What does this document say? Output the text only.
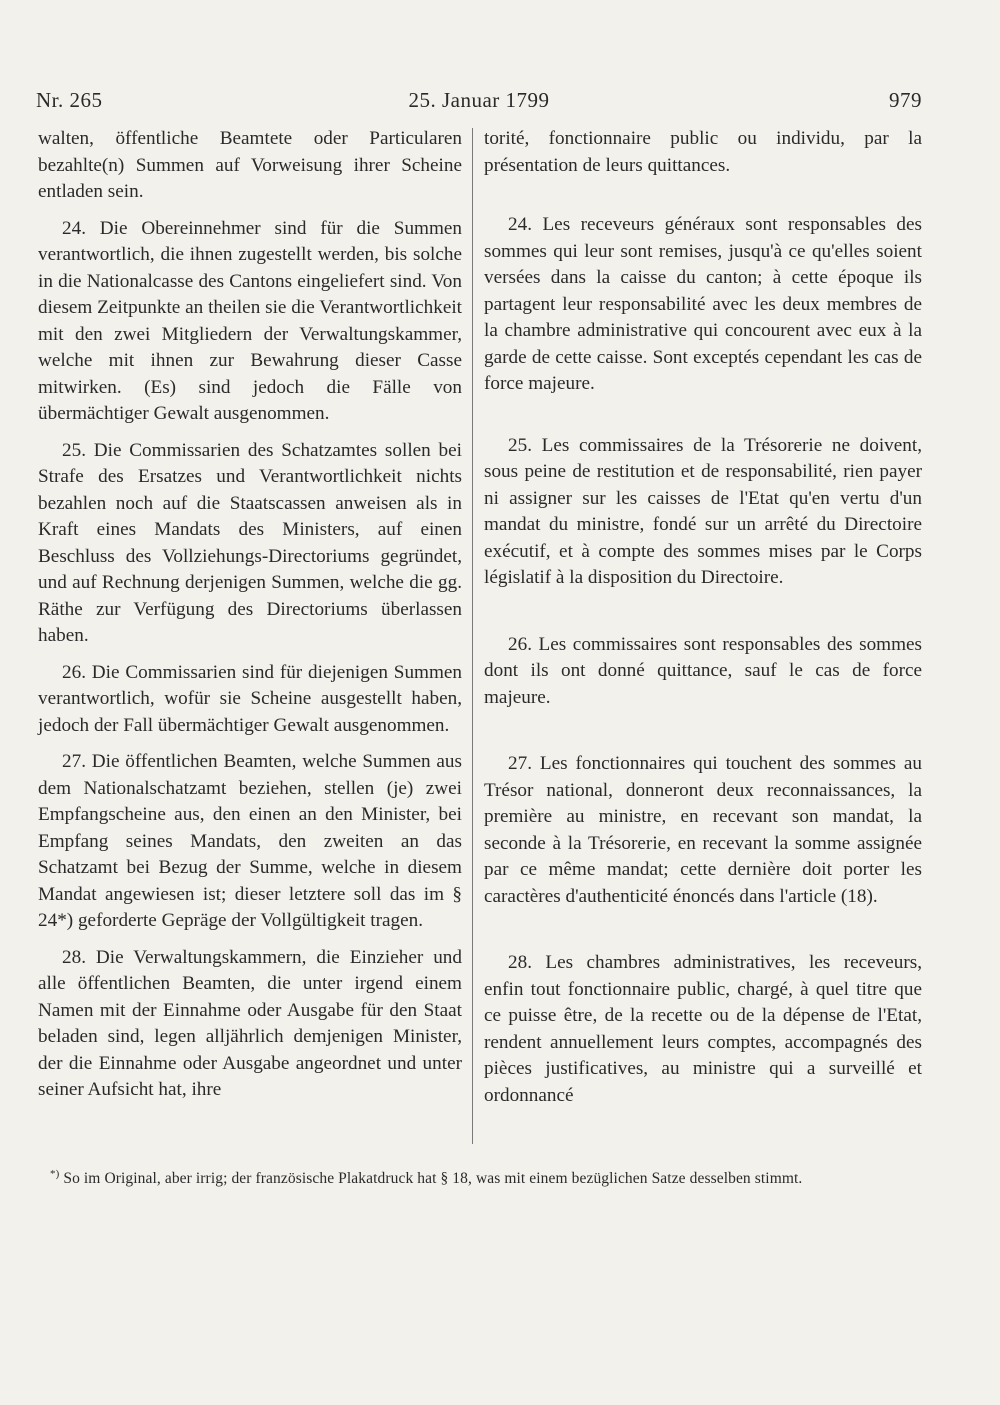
Nr. 265	25. Januar 1799	979

walten, öffentliche Beamtete oder Particularen bezahlte(n) Summen auf Vorweisung ihrer Scheine entladen sein.

24. Die Obereinnehmer sind für die Summen verantwortlich, die ihnen zugestellt werden, bis solche in die Nationalcasse des Cantons eingeliefert sind. Von diesem Zeitpunkte an theilen sie die Verantwortlichkeit mit den zwei Mitgliedern der Verwaltungskammer, welche mit ihnen zur Bewahrung dieser Casse mitwirken. (Es) sind jedoch die Fälle von übermächtiger Gewalt ausgenommen.

25. Die Commissarien des Schatzamtes sollen bei Strafe des Ersatzes und Verantwortlichkeit nichts bezahlen noch auf die Staatscassen anweisen als in Kraft eines Mandats des Ministers, auf einen Beschluss des Vollziehungs-Directoriums gegründet, und auf Rechnung derjenigen Summen, welche die gg. Räthe zur Verfügung des Directoriums überlassen haben.

26. Die Commissarien sind für diejenigen Summen verantwortlich, wofür sie Scheine ausgestellt haben, jedoch der Fall übermächtiger Gewalt ausgenommen.

27. Die öffentlichen Beamten, welche Summen aus dem Nationalschatzamt beziehen, stellen (je) zwei Empfangscheine aus, den einen an den Minister, bei Empfang seines Mandats, den zweiten an das Schatzamt bei Bezug der Summe, welche in diesem Mandat angewiesen ist; dieser letztere soll das im § 24*) geforderte Gepräge der Vollgültigkeit tragen.

28. Die Verwaltungskammern, die Einzieher und alle öffentlichen Beamten, die unter irgend einem Namen mit der Einnahme oder Ausgabe für den Staat beladen sind, legen alljährlich demjenigen Minister, der die Einnahme oder Ausgabe angeordnet und unter seiner Aufsicht hat, ihre

torité, fonctionnaire public ou individu, par la présentation de leurs quittances.

24. Les receveurs généraux sont responsables des sommes qui leur sont remises, jusqu'à ce qu'elles soient versées dans la caisse du canton; à cette époque ils partagent leur responsabilité avec les deux membres de la chambre administrative qui concourent avec eux à la garde de cette caisse. Sont exceptés cependant les cas de force majeure.

25. Les commissaires de la Trésorerie ne doivent, sous peine de restitution et de responsabilité, rien payer ni assigner sur les caisses de l'Etat qu'en vertu d'un mandat du ministre, fondé sur un arrêté du Directoire exécutif, et à compte des sommes mises par le Corps législatif à la disposition du Directoire.

26. Les commissaires sont responsables des sommes dont ils ont donné quittance, sauf le cas de force majeure.

27. Les fonctionnaires qui touchent des sommes au Trésor national, donneront deux reconnaissances, la première au ministre, en recevant son mandat, la seconde à la Trésorerie, en recevant la somme assignée par ce même mandat; cette dernière doit porter les caractères d'authenticité énoncés dans l'article (18).

28. Les chambres administratives, les receveurs, enfin tout fonctionnaire public, chargé, à quel titre que ce puisse être, de la recette ou de la dépense de l'Etat, rendent annuellement leurs comptes, accompagnés des pièces justificatives, au ministre qui a surveillé et ordonnancé

*) So im Original, aber irrig; der französische Plakatdruck hat § 18, was mit einem bezüglichen Satze desselben stimmt.
